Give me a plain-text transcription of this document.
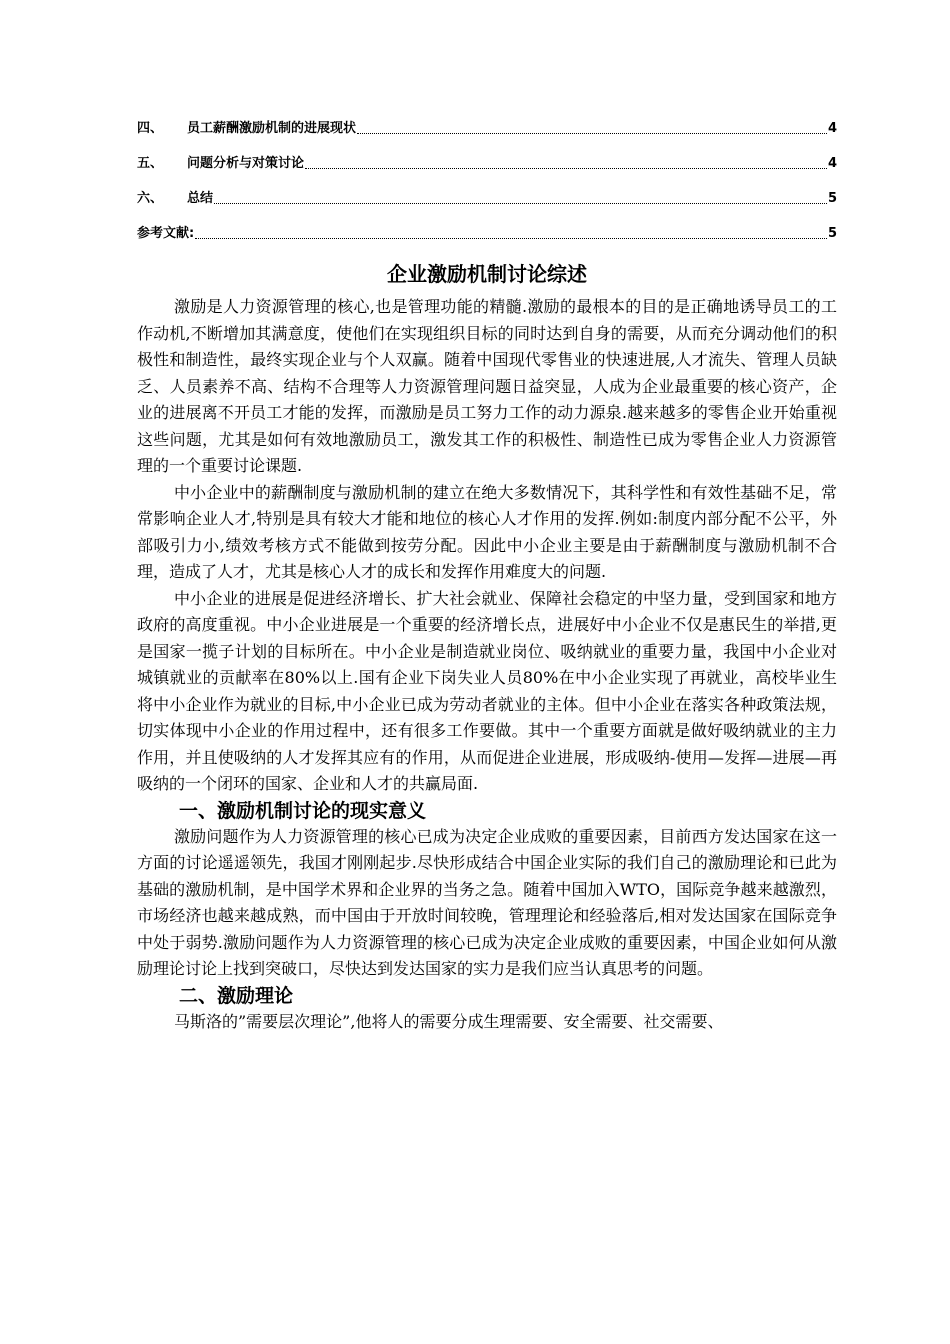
四、	员工薪酬激励机制的进展现状	4
五、	问题分析与对策讨论	4
六、	总结	5
参考文献:	5
企业激励机制讨论综述

激励是人力资源管理的核心,也是管理功能的精髓.激励的最根本的目的是正确地诱导员工的工作动机,不断增加其满意度，使他们在实现组织目标的同时达到自身的需要，从而充分调动他们的积极性和制造性，最终实现企业与个人双赢。随着中国现代零售业的快速进展,人才流失、管理人员缺乏、人员素养不高、结构不合理等人力资源管理问题日益突显，人成为企业最重要的核心资产，企业的进展离不开员工才能的发挥，而激励是员工努力工作的动力源泉.越来越多的零售企业开始重视这些问题，尤其是如何有效地激励员工，激发其工作的积极性、制造性已成为零售企业人力资源管理的一个重要讨论课题.

中小企业中的薪酬制度与激励机制的建立在绝大多数情况下，其科学性和有效性基础不足，常常影响企业人才,特别是具有较大才能和地位的核心人才作用的发挥.例如:制度内部分配不公平，外部吸引力小,绩效考核方式不能做到按劳分配。因此中小企业主要是由于薪酬制度与激励机制不合理，造成了人才，尤其是核心人才的成长和发挥作用难度大的问题.

中小企业的进展是促进经济增长、扩大社会就业、保障社会稳定的中坚力量，受到国家和地方政府的高度重视。中小企业进展是一个重要的经济增长点，进展好中小企业不仅是惠民生的举措,更是国家一揽子计划的目标所在。中小企业是制造就业岗位、吸纳就业的重要力量，我国中小企业对城镇就业的贡献率在80%以上.国有企业下岗失业人员80%在中小企业实现了再就业，高校毕业生将中小企业作为就业的目标,中小企业已成为劳动者就业的主体。但中小企业在落实各种政策法规，切实体现中小企业的作用过程中，还有很多工作要做。其中一个重要方面就是做好吸纳就业的主力作用，并且使吸纳的人才发挥其应有的作用，从而促进企业进展，形成吸纳-使用—发挥—进展—再吸纳的一个闭环的国家、企业和人才的共赢局面.

一、激励机制讨论的现实意义

激励问题作为人力资源管理的核心已成为决定企业成败的重要因素，目前西方发达国家在这一方面的讨论遥遥领先，我国才刚刚起步.尽快形成结合中国企业实际的我们自己的激励理论和已此为基础的激励机制，是中国学术界和企业界的当务之急。随着中国加入WTO，国际竞争越来越激烈，市场经济也越来越成熟，而中国由于开放时间较晚，管理理论和经验落后,相对发达国家在国际竞争中处于弱势.激励问题作为人力资源管理的核心已成为决定企业成败的重要因素，中国企业如何从激励理论讨论上找到突破口，尽快达到发达国家的实力是我们应当认真思考的问题。

二、激励理论

马斯洛的”需要层次理论”,他将人的需要分成生理需要、安全需要、社交需要、
